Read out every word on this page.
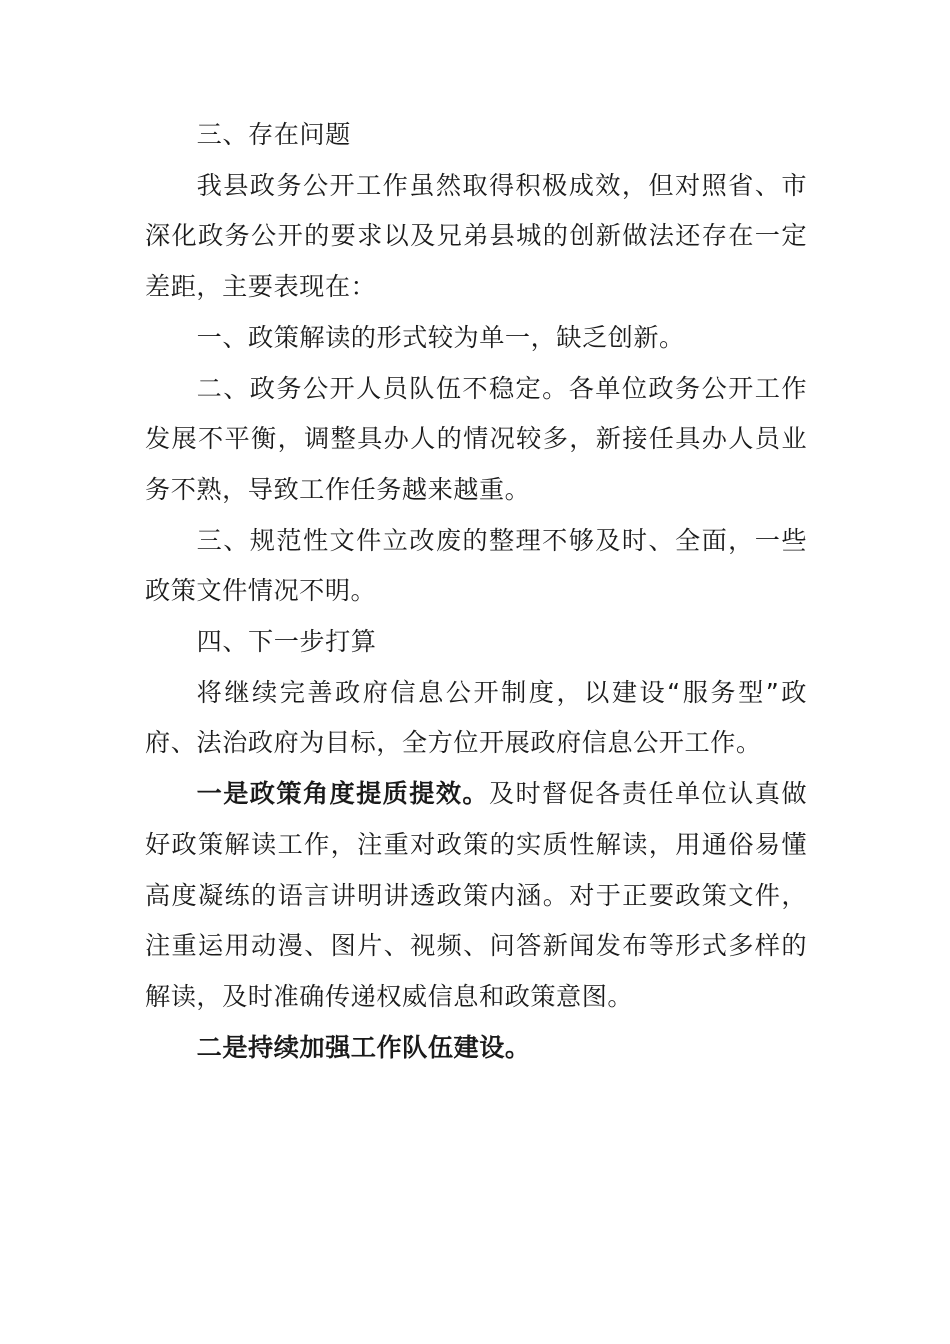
三、存在问题

我县政务公开工作虽然取得积极成效，但对照省、市深化政务公开的要求以及兄弟县城的创新做法还存在一定差距，主要表现在：

一、政策解读的形式较为单一，缺乏创新。

二、政务公开人员队伍不稳定。各单位政务公开工作发展不平衡，调整具办人的情况较多，新接任具办人员业务不熟，导致工作任务越来越重。

三、规范性文件立改废的整理不够及时、全面，一些政策文件情况不明。

四、下一步打算

将继续完善政府信息公开制度，以建设“服务型”政府、法治政府为目标，全方位开展政府信息公开工作。

一是政策角度提质提效。及时督促各责任单位认真做好政策解读工作，注重对政策的实质性解读，用通俗易懂高度凝练的语言讲明讲透政策内涵。对于正要政策文件，注重运用动漫、图片、视频、问答新闻发布等形式多样的解读，及时准确传递权威信息和政策意图。

二是持续加强工作队伍建设。
